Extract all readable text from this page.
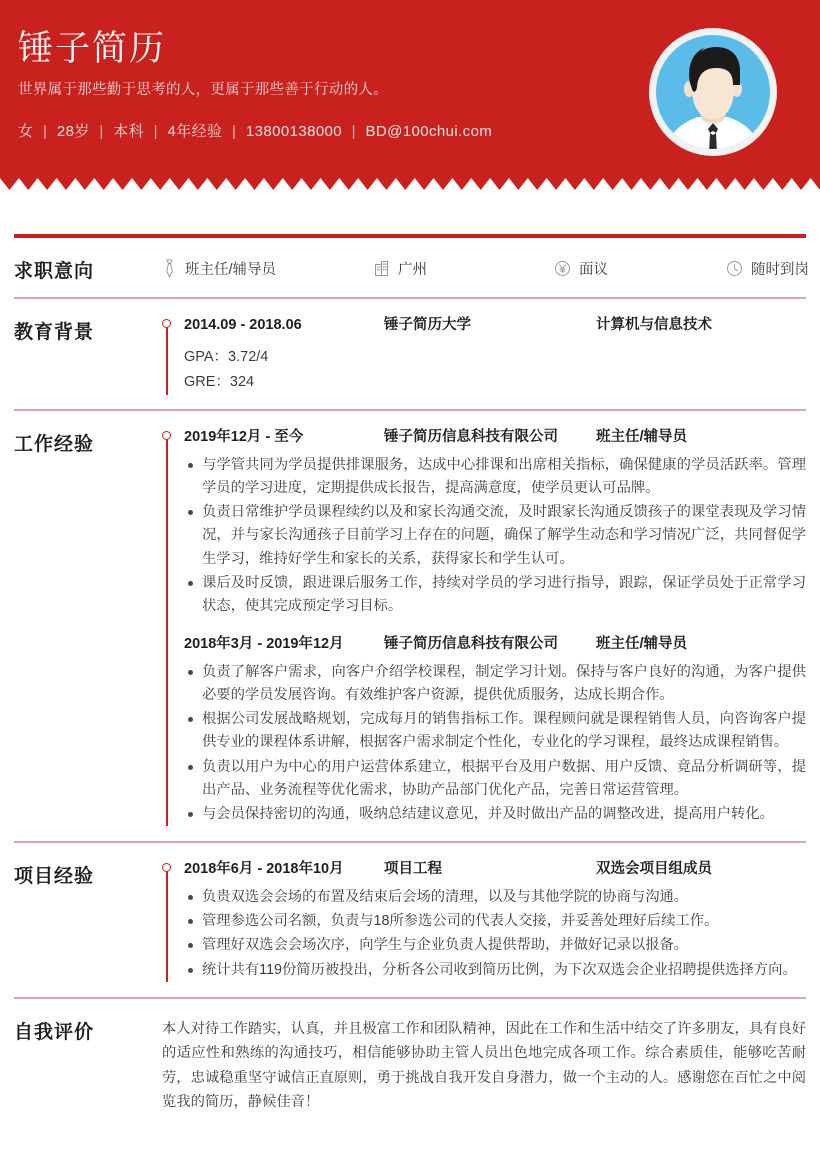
锤子简历
世界属于那些勤于思考的人，更属于那些善于行动的人。
女 | 28岁 | 本科 | 4年经验 | 13800138000 | BD@100chui.com
求职意向	班主任/辅导员	广州	面议	随时到岗
教育背景	2014.09 - 2018.06	锤子简历大学	计算机与信息技术
GPA：3.72/4
GRE：324
工作经验	2019年12月 - 至今	锤子简历信息科技有限公司	班主任/辅导员
与学管共同为学员提供排课服务，达成中心排课和出席相关指标，确保健康的学员活跃率。管理学员的学习进度，定期提供成长报告，提高满意度，使学员更认可品牌。
负责日常维护学员课程续约以及和家长沟通交流，及时跟家长沟通反馈孩子的课堂表现及学习情况，并与家长沟通孩子目前学习上存在的问题，确保了解学生动态和学习情况广泛，共同督促学生学习，维持好学生和家长的关系，获得家长和学生认可。
课后及时反馈，跟进课后服务工作，持续对学员的学习进行指导，跟踪，保证学员处于正常学习状态，使其完成预定学习目标。
2018年3月 - 2019年12月	锤子简历信息科技有限公司	班主任/辅导员
负责了解客户需求，向客户介绍学校课程，制定学习计划。保持与客户良好的沟通，为客户提供必要的学员发展咨询。有效维护客户资源，提供优质服务，达成长期合作。
根据公司发展战略规划，完成每月的销售指标工作。课程顾问就是课程销售人员，向咨询客户提供专业的课程体系讲解，根据客户需求制定个性化，专业化的学习课程，最终达成课程销售。
负责以用户为中心的用户运营体系建立，根据平台及用户数据、用户反馈、竟品分析调研等，提出产品、业务流程等优化需求，协助产品部门优化产品，完善日常运营管理。
与会员保持密切的沟通，吸纳总结建议意见，并及时做出产品的调整改进，提高用户转化。
项目经验	2018年6月 - 2018年10月	项目工程	双选会项目组成员
负贵双选会会场的布置及结束后会场的清理，以及与其他学院的协商与沟通。
管理参选公司名额，负责与18所参选公司的代表人交接，并妥善处理好后续工作。
管理好双选会会场次序，向学生与企业负责人提供帮助，并做好记录以报备。
统计共有119份简历被投出，分析各公司收到简历比例，为下次双选会企业招聘提供选择方向。
自我评价	本人对待工作踏实，认真，并且极富工作和团队精神，因此在工作和生活中结交了许多朋友，具有良好的适应性和熟练的沟通技巧，相信能够协助主管人员出色地完成各项工作。综合素质佳，能够吃苦耐劳，忠诚稳重坚守诚信正直原则，勇于挑战自我开发自身潜力，做一个主动的人。感谢您在百忙之中阅览我的简历，静候佳音！
